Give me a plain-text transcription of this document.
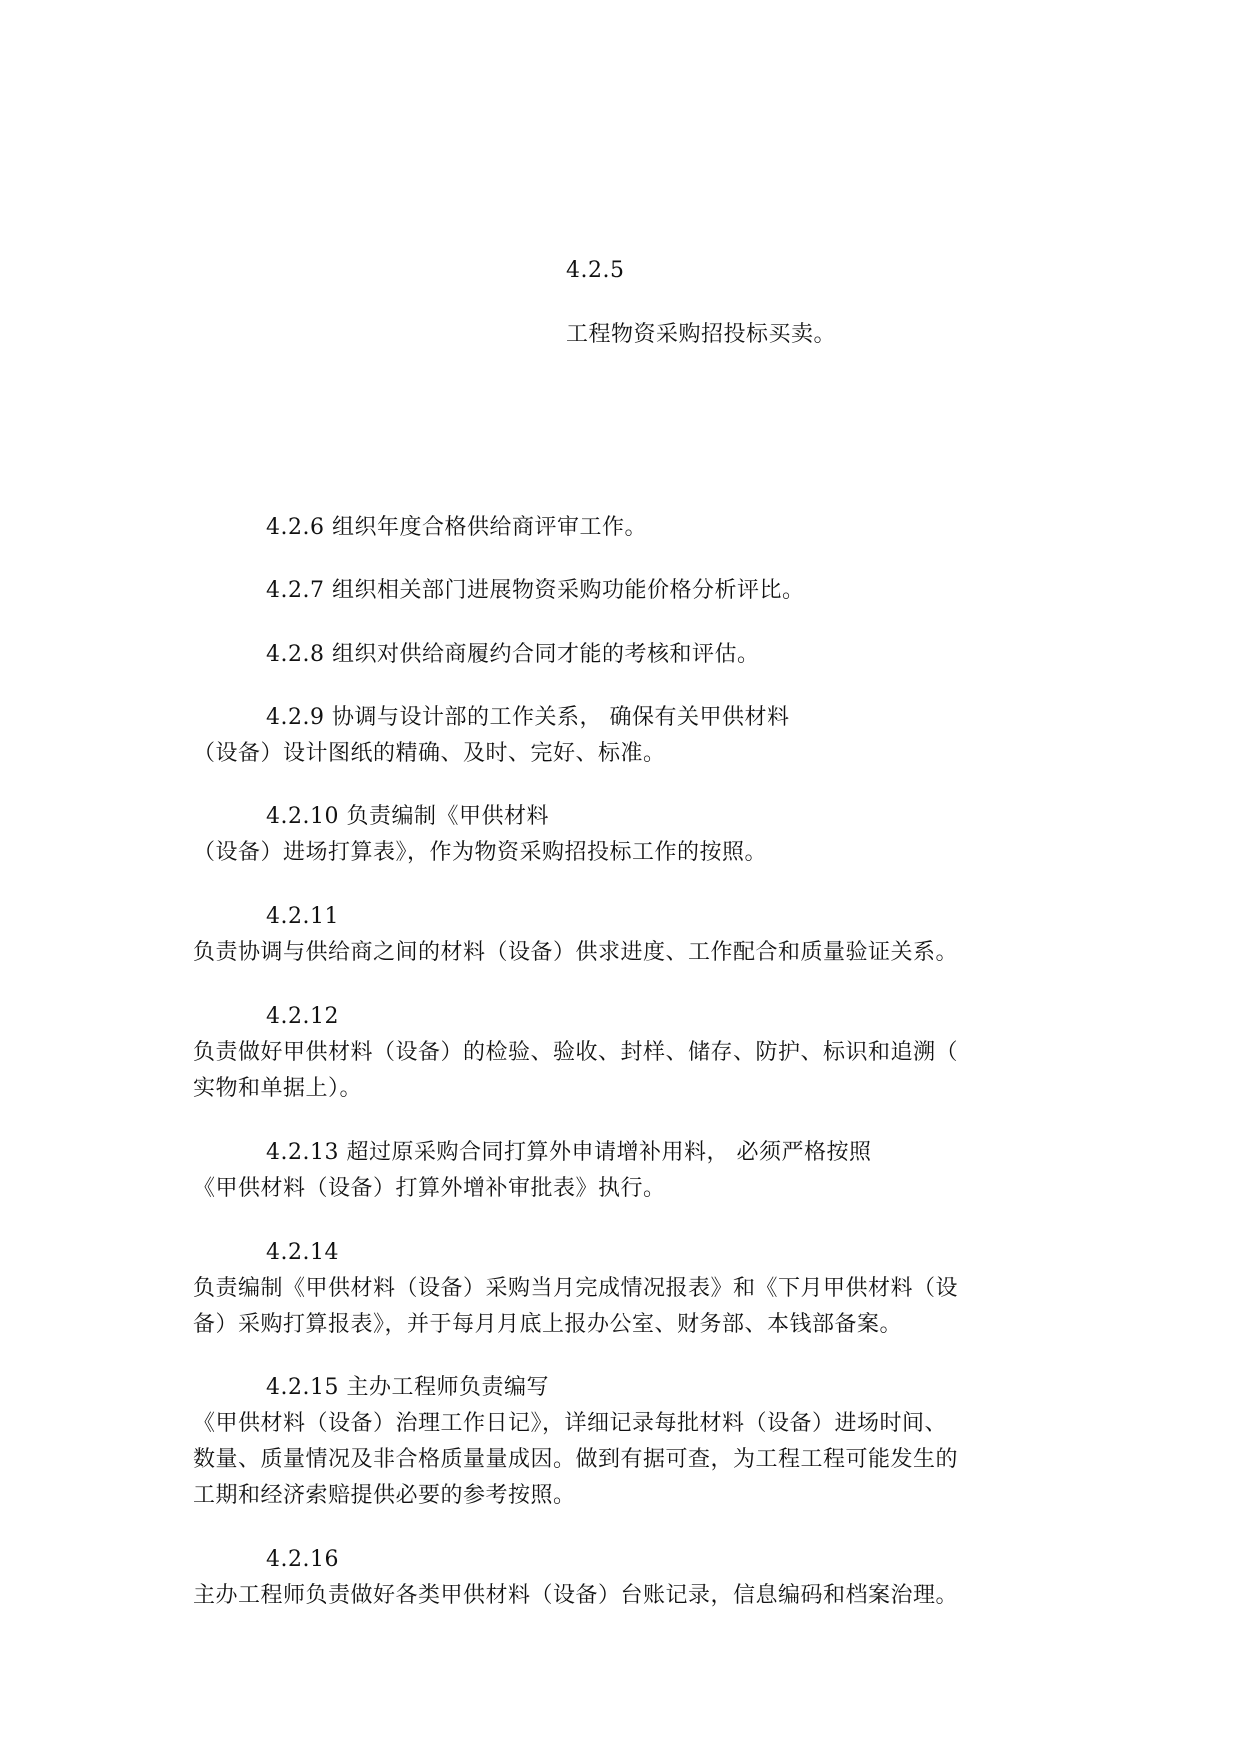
4.2.5
工程物资采购招投标买卖。
4.2.6 组织年度合格供给商评审工作。
4.2.7 组织相关部门进展物资采购功能价格分析评比。
4.2.8 组织对供给商履约合同才能的考核和评估。
4.2.9 协调与设计部的工作关系， 确保有关甲供材料
（设备）设计图纸的精确、及时、完好、标准。
4.2.10 负责编制《甲供材料
（设备）进场打算表》，作为物资采购招投标工作的按照。
4.2.11
负责协调与供给商之间的材料（设备）供求进度、工作配合和质量验证关系。
4.2.12
负责做好甲供材料（设备）的检验、验收、封样、储存、防护、标识和追溯（
实物和单据上）。
4.2.13 超过原采购合同打算外申请增补用料， 必须严格按照
《甲供材料（设备）打算外增补审批表》执行。
4.2.14
负责编制《甲供材料（设备）采购当月完成情况报表》和《下月甲供材料（设
备）采购打算报表》，并于每月月底上报办公室、财务部、本钱部备案。
4.2.15 主办工程师负责编写
《甲供材料（设备）治理工作日记》，详细记录每批材料（设备）进场时间、
数量、质量情况及非合格质量量成因。做到有据可查，为工程工程可能发生的
工期和经济索赔提供必要的参考按照。
4.2.16
主办工程师负责做好各类甲供材料（设备）台账记录，信息编码和档案治理。
